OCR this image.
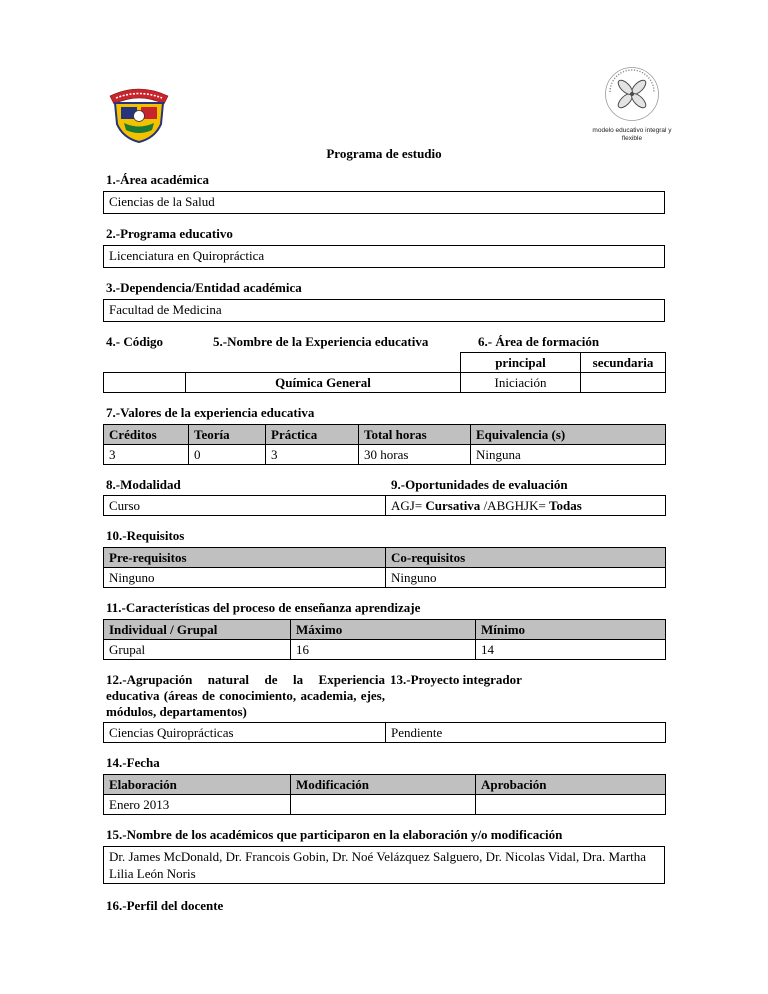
modelo educativo integral y flexible
Programa de estudio
1.-Área académica
Ciencias de la Salud
2.-Programa educativo
Licenciatura en Quiropráctica
3.-Dependencia/Entidad académica
Facultad de Medicina
4.- Código	5.-Nombre de la Experiencia educativa	6.- Área de formación
		principal	secundaria
	Química General	Iniciación	
7.-Valores de la experiencia educativa
Créditos	Teoría	Práctica	Total horas	Equivalencia (s)
3	0	3	30 horas	Ninguna
8.-Modalidad	9.-Oportunidades de evaluación
Curso	AGJ= Cursativa /ABGHJK= Todas
10.-Requisitos
Pre-requisitos	Co-requisitos
Ninguno	Ninguno
11.-Características del proceso de enseñanza aprendizaje
Individual / Grupal	Máximo	Mínimo
Grupal	16	14
12.-Agrupación natural de la Experiencia educativa (áreas de conocimiento, academia, ejes, módulos, departamentos)
13.-Proyecto integrador
Ciencias Quiroprácticas	Pendiente
14.-Fecha
Elaboración	Modificación	Aprobación
Enero 2013		
15.-Nombre de los académicos que participaron en la elaboración y/o modificación
Dr. James McDonald, Dr. Francois Gobin, Dr. Noé Velázquez Salguero, Dr. Nicolas Vidal, Dra. Martha Lilia León Noris
16.-Perfil del docente
